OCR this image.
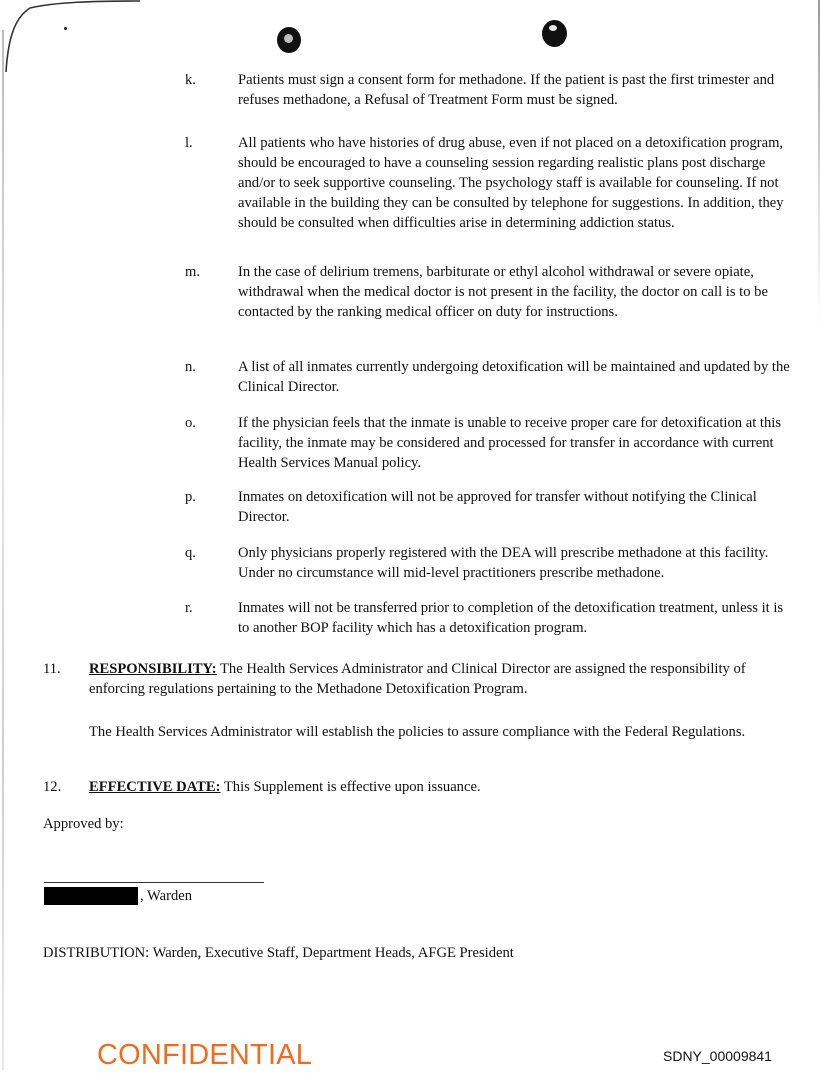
k.	Patients must sign a consent form for methadone. If the patient is past the first trimester and refuses methadone, a Refusal of Treatment Form must be signed.
l.	All patients who have histories of drug abuse, even if not placed on a detoxification program, should be encouraged to have a counseling session regarding realistic plans post discharge and/or to seek supportive counseling. The psychology staff is available for counseling. If not available in the building they can be consulted by telephone for suggestions. In addition, they should be consulted when difficulties arise in determining addiction status.
m.	In the case of delirium tremens, barbiturate or ethyl alcohol withdrawal or severe opiate, withdrawal when the medical doctor is not present in the facility, the doctor on call is to be contacted by the ranking medical officer on duty for instructions.
n.	A list of all inmates currently undergoing detoxification will be maintained and updated by the Clinical Director.
o.	If the physician feels that the inmate is unable to receive proper care for detoxification at this facility, the inmate may be considered and processed for transfer in accordance with current Health Services Manual policy.
p.	Inmates on detoxification will not be approved for transfer without notifying the Clinical Director.
q.	Only physicians properly registered with the DEA will prescribe methadone at this facility. Under no circumstance will mid-level practitioners prescribe methadone.
r.	Inmates will not be transferred prior to completion of the detoxification treatment, unless it is to another BOP facility which has a detoxification program.
11. RESPONSIBILITY: The Health Services Administrator and Clinical Director are assigned the responsibility of enforcing regulations pertaining to the Methadone Detoxification Program.
The Health Services Administrator will establish the policies to assure compliance with the Federal Regulations.
12. EFFECTIVE DATE: This Supplement is effective upon issuance.
Approved by:
, Warden
DISTRIBUTION: Warden, Executive Staff, Department Heads, AFGE President
CONFIDENTIAL	SDNY_00009841
